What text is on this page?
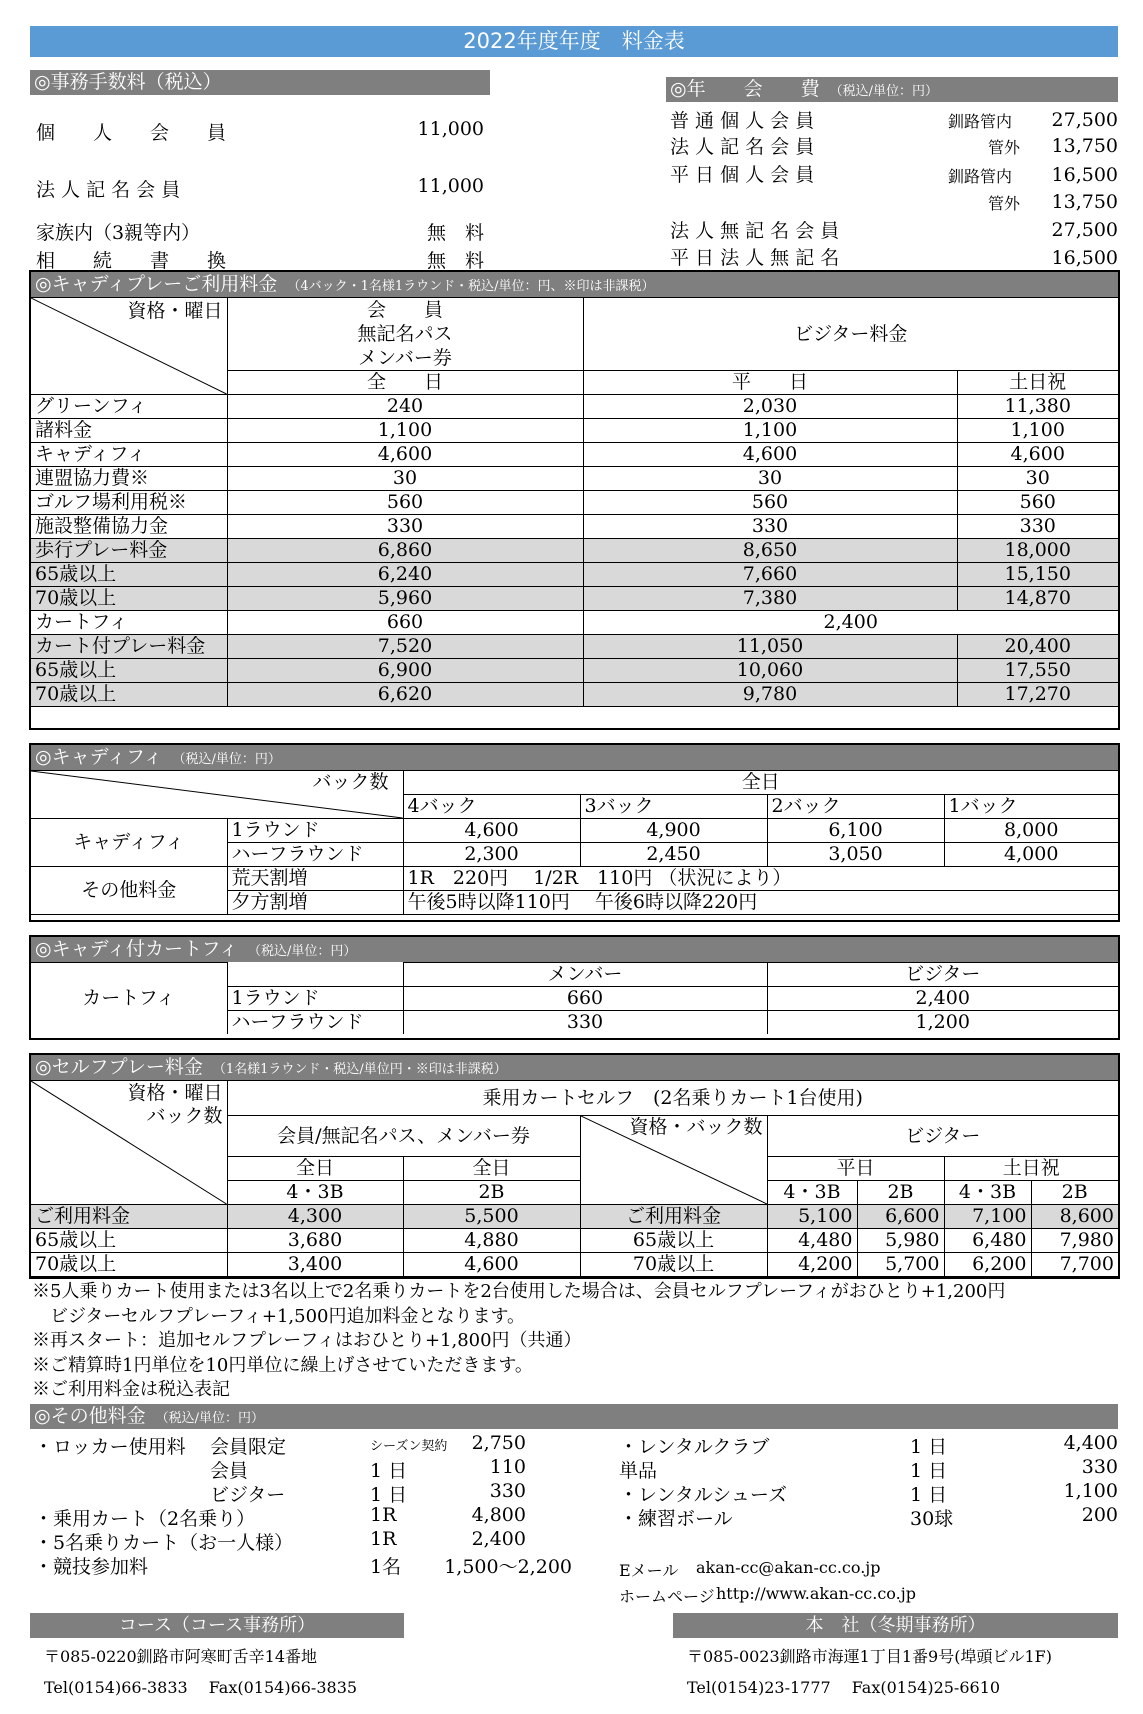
2022年度年度　料金表
◎事務手数料（税込）
個　　人　　会　　員	11,000
法 人 記 名 会 員	11,000
家族内（3親等内）	無　料
相　　続　　書　　換	無　料
◎年　　会　　費 （税込/単位：円）
普 通 個 人 会 員	釧路管内 27,500
法 人 記 名 会 員	管外 13,750
平 日 個 人 会 員	釧路管内 16,500
管外 13,750
法 人 無 記 名 会 員	27,500
平 日 法 人 無 記 名	16,500
◎キャディプレーご利用料金 （4バック・1名様1ラウンド・税込/単位：円、※印は非課税）
資格・曜日	会　　員
無記名パス
メンバー券	ビジター料金	
	全　　日	平　　日	土日祝
グリーンフィ	240	2,030	11,380
諸料金	1,100	1,100	1,100
キャディフィ	4,600	4,600	4,600
連盟協力費※	30	30	30
ゴルフ場利用税※	560	560	560
施設整備協力金	330	330	330
歩行プレー料金	6,860	8,650	18,000
65歳以上	6,240	7,660	15,150
70歳以上	5,960	7,380	14,870
カートフィ	660	2,400	
カート付プレー料金	7,520	11,050	20,400
65歳以上	6,900	10,060	17,550
70歳以上	6,620	9,780	17,270
◎キャディフィ （税込/単位：円）
バック数		全日			
		4バック	3バック	2バック	1バック
キャディフィ	1ラウンド	4,600	4,900	6,100	8,000
	ハーフラウンド	2,300	2,450	3,050	4,000
その他料金	荒天割増	1R　220円　 1/2R　110円 （状況により）			
	夕方割増	午後5時以降110円　 午後6時以降220円			
◎キャディ付カートフィ （税込/単位：円）
カートフィ		メンバー	ビジター
	1ラウンド	660	2,400
	ハーフラウンド	330	1,200
◎セルフプレー料金 （1名様1ラウンド・税込/単位円・※印は非課税）
資格・曜日
バック数	乗用カートセルフ　(2名乗りカート1台使用)						
	会員/無記名パス、メンバー券		資格・バック数	ビジター			
	全日	全日		平日		土日祝	
	4・3B	2B		4・3B	2B	4・3B	2B
ご利用料金	4,300	5,500	ご利用料金	5,100	6,600	7,100	8,600
65歳以上	3,680	4,880	65歳以上	4,480	5,980	6,480	7,980
70歳以上	3,400	4,600	70歳以上	4,200	5,700	6,200	7,700
※5人乗りカート使用または3名以上で2名乗りカートを2台使用した場合は、会員セルフプレーフィがおひとり+1,200円
　ビジターセルフプレーフィ+1,500円追加料金となります。
※再スタート：追加セルフプレーフィはおひとり+1,800円（共通）
※ご精算時1円単位を10円単位に繰上げさせていただきます。
※ご利用料金は税込表記
◎その他料金 （税込/単位：円）
・ロッカー使用料 会員限定	シーズン契約 2,750
会員	1 日	110
ビジター	1 日	330
・乗用カート（2名乗り）	1R	4,800
・5名乗りカート（お一人様）	1R	2,400
・競技参加料	1名 1,500～2,200
・レンタルクラブ	1 日	4,400
単品	1 日	330
・レンタルシューズ	1 日	1,100
・練習ボール	30球	200
Eメール akan-cc@akan-cc.co.jp
ホームページ http://www.akan-cc.co.jp
コース（コース事務所）	本　社（冬期事務所）
〒085-0220釧路市阿寒町舌辛14番地
Tel(0154)66-3833　 Fax(0154)66-3835
〒085-0023釧路市海運1丁目1番9号(埠頭ビル1F)
Tel(0154)23-1777　 Fax(0154)25-6610
